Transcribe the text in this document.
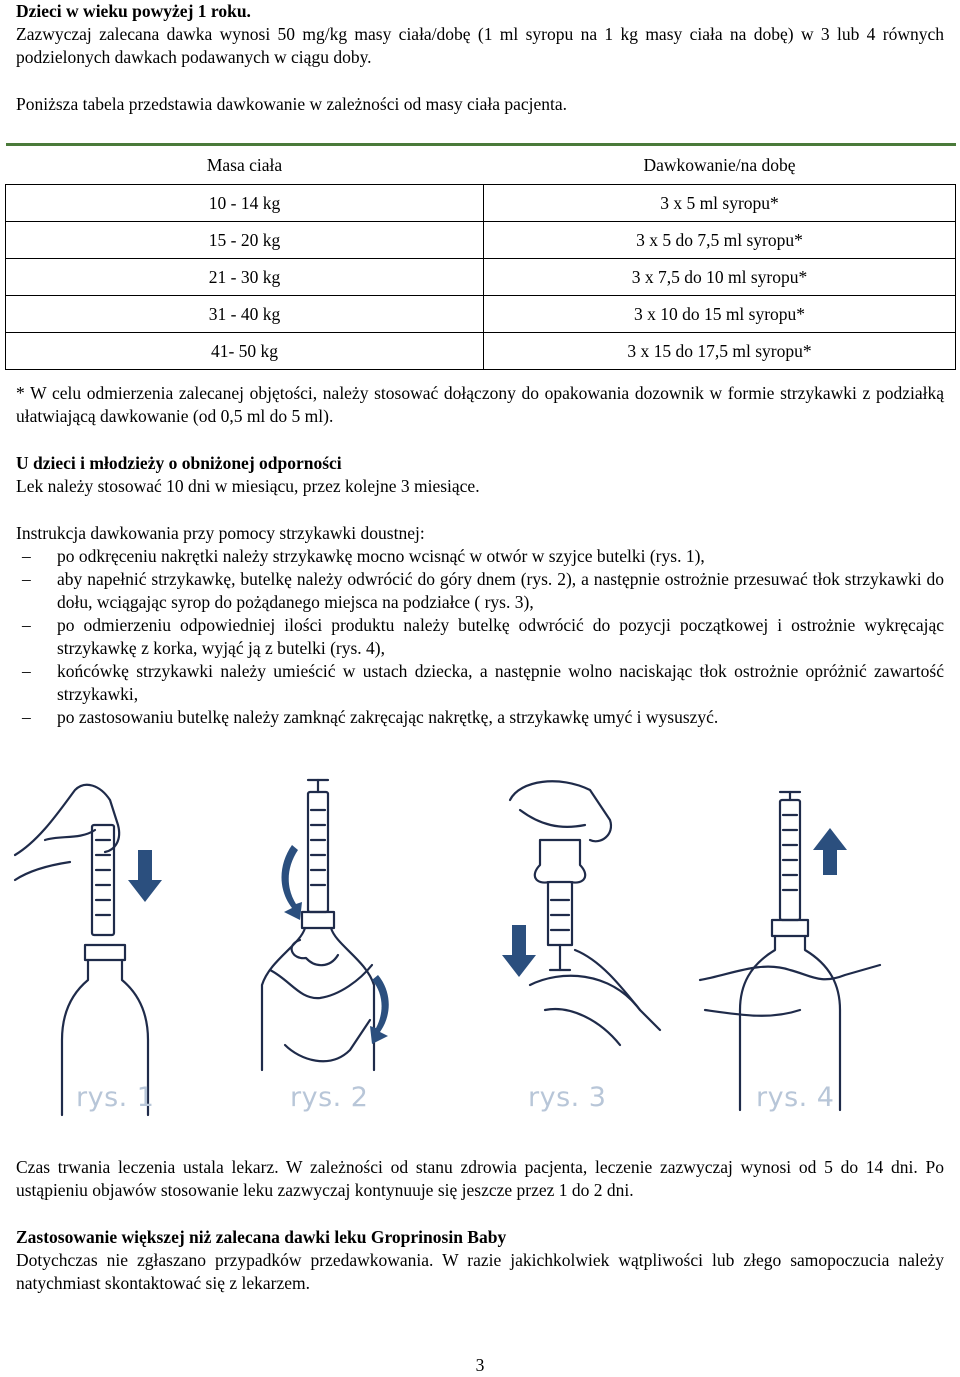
Dzieci w wieku powyżej 1 roku.

Zazwyczaj zalecana dawka wynosi 50 mg/kg masy ciała/dobę (1 ml syropu na 1 kg masy ciała na dobę) w 3 lub 4 równych podzielonych dawkach podawanych w ciągu doby.

Poniższa tabela przedstawia dawkowanie w zależności od masy ciała pacjenta.

Masa ciała	Dawkowanie/na dobę
10 - 14 kg	3 x 5 ml syropu*
15 - 20 kg	3 x 5 do 7,5 ml syropu*
21 - 30 kg	3 x 7,5 do 10 ml syropu*
31 - 40 kg	3 x 10 do 15 ml syropu*
41- 50 kg	3 x 15 do 17,5 ml syropu*

* W celu odmierzenia zalecanej objętości, należy stosować dołączony do opakowania dozownik w formie strzykawki z podziałką ułatwiającą dawkowanie (od 0,5 ml do 5 ml).

U dzieci i młodzieży o obniżonej odporności

Lek należy stosować 10 dni w miesiącu, przez kolejne 3 miesiące.

Instrukcja dawkowania przy pomocy strzykawki doustnej:

– po odkręceniu nakrętki należy strzykawkę mocno wcisnąć w otwór w szyjce butelki (rys. 1),
– aby napełnić strzykawkę, butelkę należy odwrócić do góry dnem (rys. 2), a następnie ostrożnie przesuwać tłok strzykawki do dołu, wciągając syrop do pożądanego miejsca na podziałce ( rys. 3),
– po odmierzeniu odpowiedniej ilości produktu należy butelkę odwrócić do pozycji początkowej i ostrożnie wykręcając strzykawkę z korka, wyjąć ją z butelki (rys. 4),
– końcówkę strzykawki należy umieścić w ustach dziecka, a następnie wolno naciskając tłok ostrożnie opróżnić zawartość strzykawki,
– po zastosowaniu butelkę należy zamknąć zakręcając nakrętkę, a strzykawkę umyć i wysuszyć.
rys. 1	rys. 2	rys. 3	rys. 4

Czas trwania leczenia ustala lekarz. W zależności od stanu zdrowia pacjenta, leczenie zazwyczaj wynosi od 5 do 14 dni. Po ustąpieniu objawów stosowanie leku zazwyczaj kontynuuje się jeszcze przez 1 do 2 dni.

Zastosowanie większej niż zalecana dawki leku Groprinosin Baby

Dotychczas nie zgłaszano przypadków przedawkowania. W razie jakichkolwiek wątpliwości lub złego samopoczucia należy natychmiast skontaktować się z lekarzem.

3
